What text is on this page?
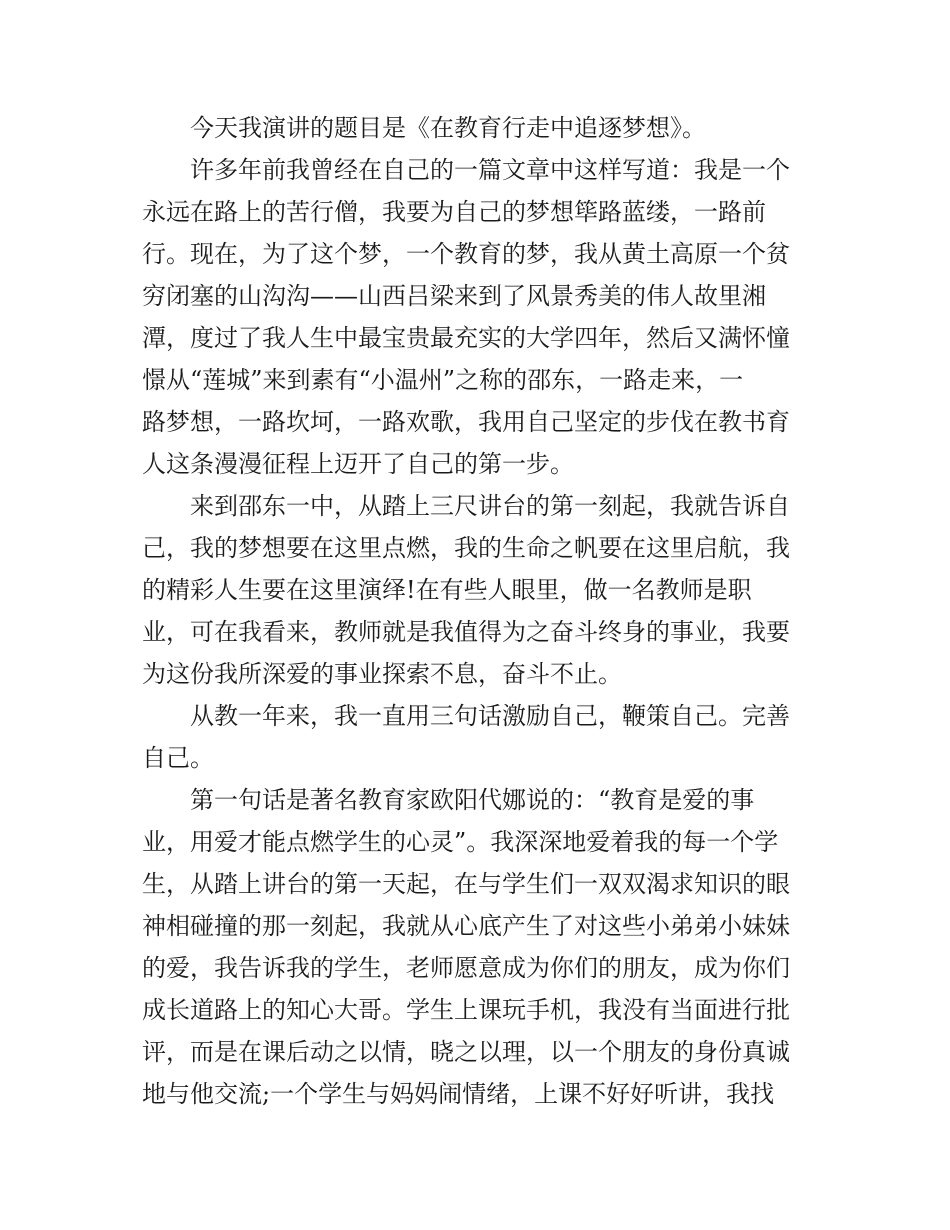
今天我演讲的题目是《在教育行走中追逐梦想》。
许多年前我曾经在自己的一篇文章中这样写道：我是一个
永远在路上的苦行僧，我要为自己的梦想筚路蓝缕，一路前
行。现在，为了这个梦，一个教育的梦，我从黄土高原一个贫
穷闭塞的山沟沟——山西吕梁来到了风景秀美的伟人故里湘
潭，度过了我人生中最宝贵最充实的大学四年，然后又满怀憧
憬从“莲城”来到素有“小温州”之称的邵东，一路走来，一
路梦想，一路坎坷，一路欢歌，我用自己坚定的步伐在教书育
人这条漫漫征程上迈开了自己的第一步。
来到邵东一中，从踏上三尺讲台的第一刻起，我就告诉自
己，我的梦想要在这里点燃，我的生命之帆要在这里启航，我
的精彩人生要在这里演绎!在有些人眼里，做一名教师是职
业，可在我看来，教师就是我值得为之奋斗终身的事业，我要
为这份我所深爱的事业探索不息，奋斗不止。
从教一年来，我一直用三句话激励自己，鞭策自己。完善
自己。
第一句话是著名教育家欧阳代娜说的：“教育是爱的事
业，用爱才能点燃学生的心灵”。我深深地爱着我的每一个学
生，从踏上讲台的第一天起，在与学生们一双双渴求知识的眼
神相碰撞的那一刻起，我就从心底产生了对这些小弟弟小妹妹
的爱，我告诉我的学生，老师愿意成为你们的朋友，成为你们
成长道路上的知心大哥。学生上课玩手机，我没有当面进行批
评，而是在课后动之以情，晓之以理，以一个朋友的身份真诚
地与他交流;一个学生与妈妈闹情绪，上课不好好听讲，我找
